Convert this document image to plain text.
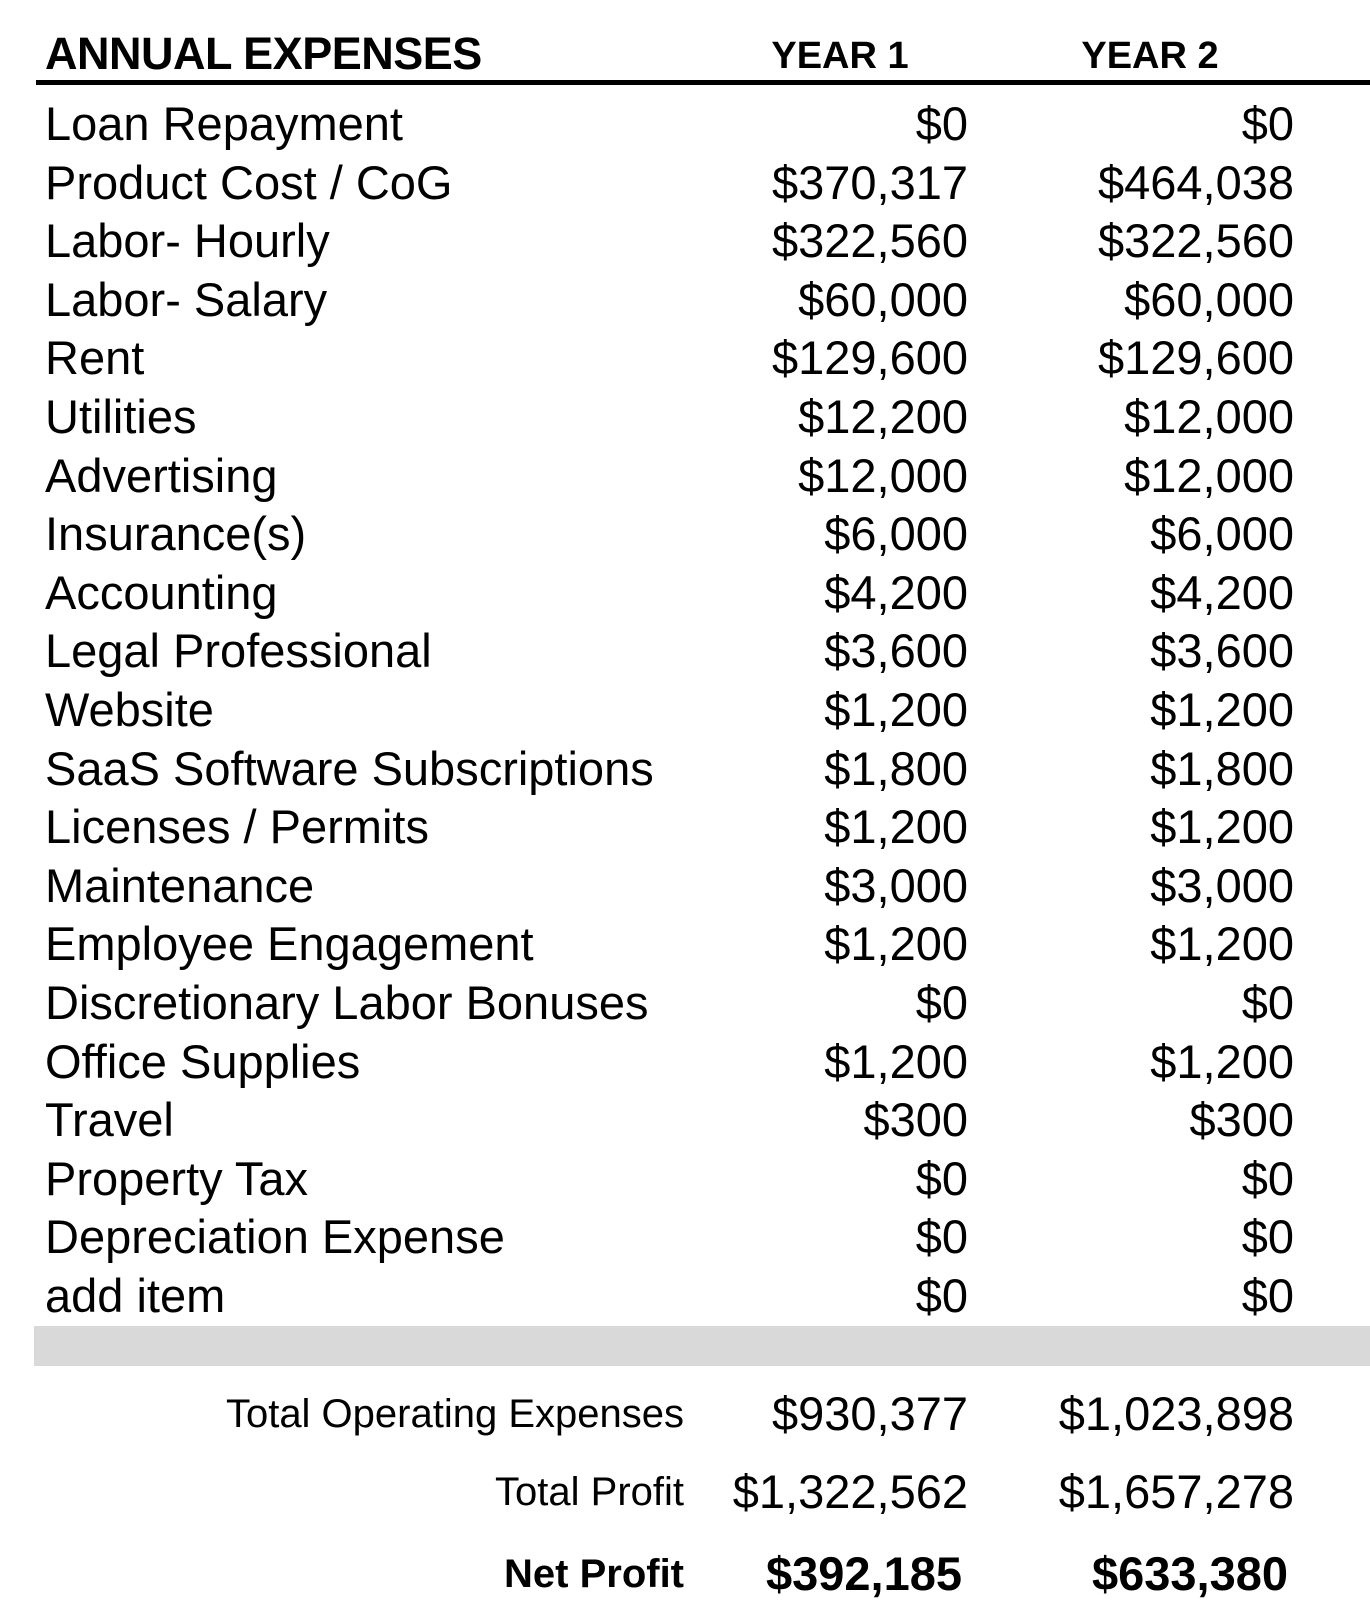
ANNUAL EXPENSES	YEAR 1	YEAR 2
Loan Repayment	$0	$0
Product Cost / CoG	$370,317	$464,038
Labor- Hourly	$322,560	$322,560
Labor- Salary	$60,000	$60,000
Rent	$129,600	$129,600
Utilities	$12,200	$12,000
Advertising	$12,000	$12,000
Insurance(s)	$6,000	$6,000
Accounting	$4,200	$4,200
Legal Professional	$3,600	$3,600
Website	$1,200	$1,200
SaaS Software Subscriptions	$1,800	$1,800
Licenses / Permits	$1,200	$1,200
Maintenance	$3,000	$3,000
Employee Engagement	$1,200	$1,200
Discretionary Labor Bonuses	$0	$0
Office Supplies	$1,200	$1,200
Travel	$300	$300
Property Tax	$0	$0
Depreciation Expense	$0	$0
add item	$0	$0
Total Operating Expenses	$930,377	$1,023,898
Total Profit	$1,322,562	$1,657,278
Net Profit	$392,185	$633,380
